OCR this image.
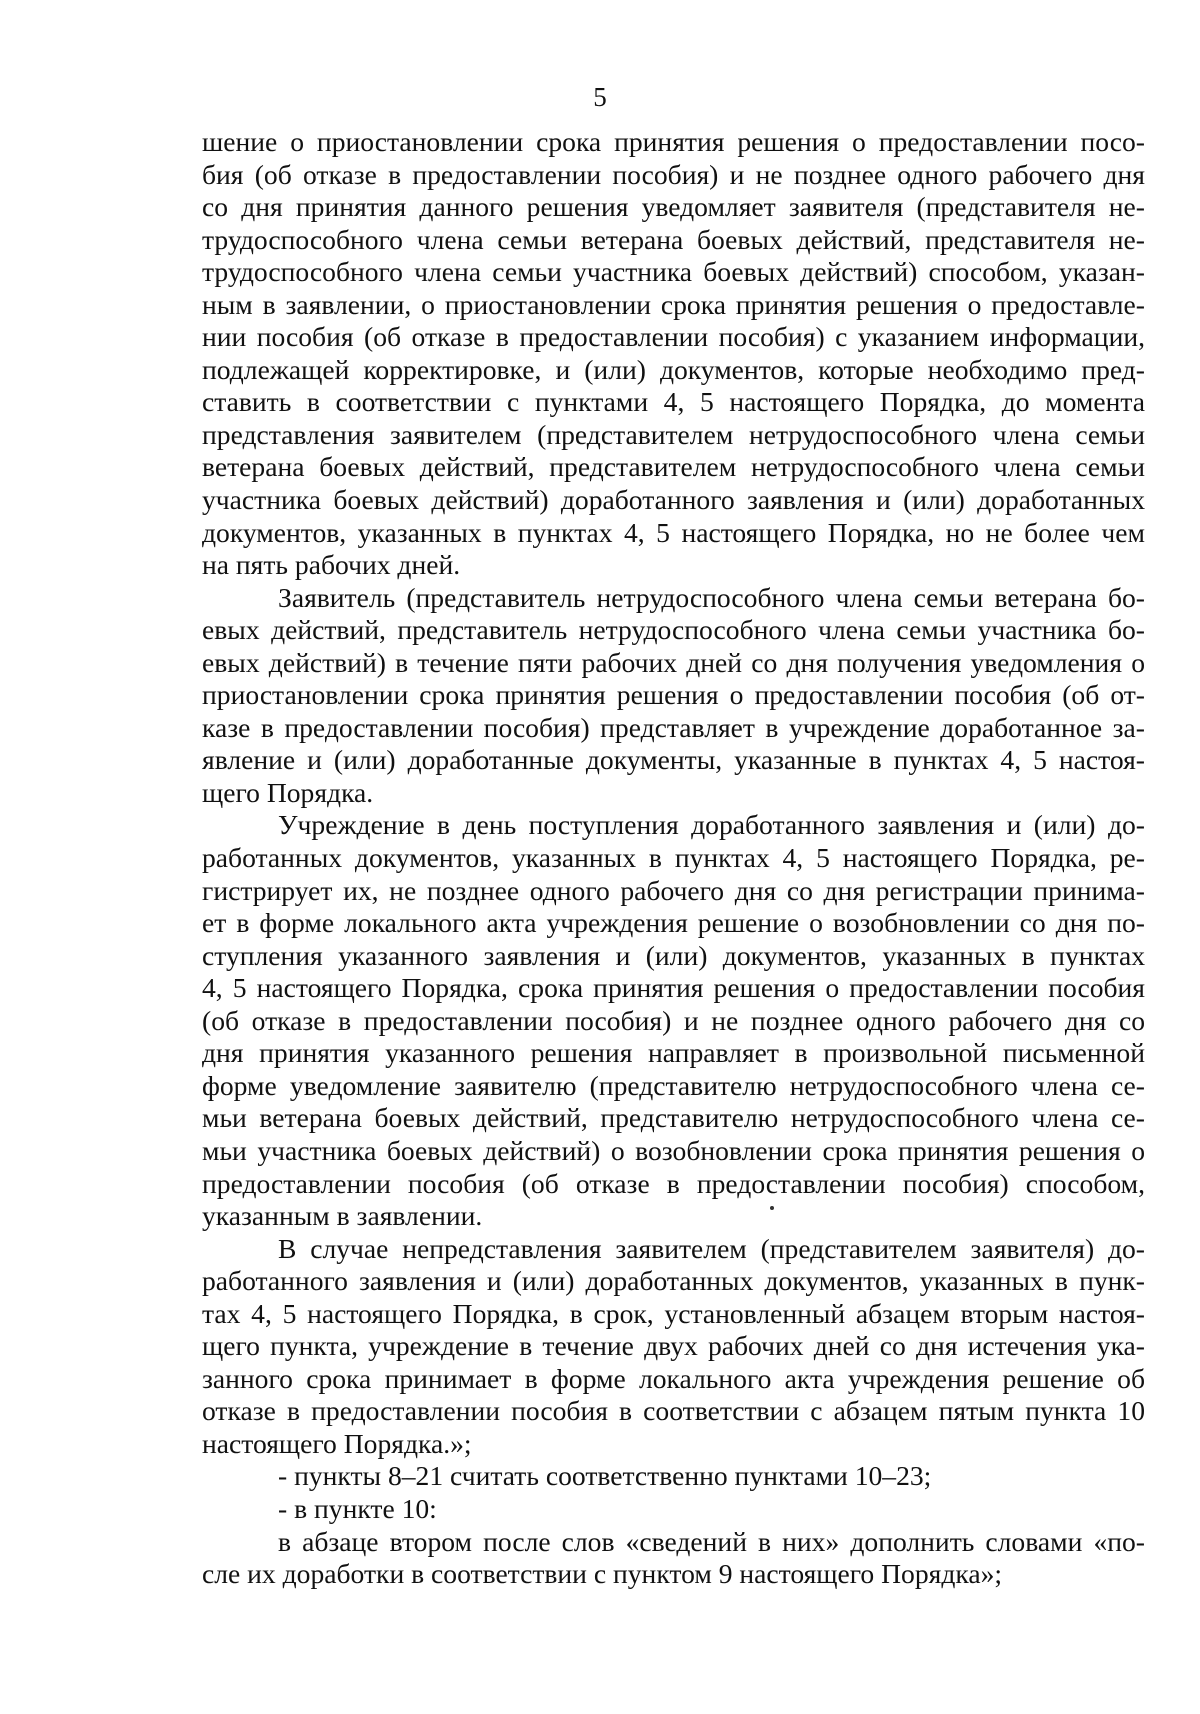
5
шение о приостановлении срока принятия решения о предоставлении посо-
бия (об отказе в предоставлении пособия) и не позднее одного рабочего дня
со дня принятия данного решения уведомляет заявителя (представителя не-
трудоспособного члена семьи ветерана боевых действий, представителя не-
трудоспособного члена семьи участника боевых действий) способом, указан-
ным в заявлении, о приостановлении срока принятия решения о предоставле-
нии пособия (об отказе в предоставлении пособия) с указанием информации,
подлежащей корректировке, и (или) документов, которые необходимо пред-
ставить в соответствии с пунктами 4, 5 настоящего Порядка, до момента
представления заявителем (представителем нетрудоспособного члена семьи
ветерана боевых действий, представителем нетрудоспособного члена семьи
участника боевых действий) доработанного заявления и (или) доработанных
документов, указанных в пунктах 4, 5 настоящего Порядка, но не более чем
на пять рабочих дней.
Заявитель (представитель нетрудоспособного члена семьи ветерана бо-
евых действий, представитель нетрудоспособного члена семьи участника бо-
евых действий) в течение пяти рабочих дней со дня получения уведомления о
приостановлении срока принятия решения о предоставлении пособия (об от-
казе в предоставлении пособия) представляет в учреждение доработанное за-
явление и (или) доработанные документы, указанные в пунктах 4, 5 настоя-
щего Порядка.
Учреждение в день поступления доработанного заявления и (или) до-
работанных документов, указанных в пунктах 4, 5 настоящего Порядка, ре-
гистрирует их, не позднее одного рабочего дня со дня регистрации принима-
ет в форме локального акта учреждения решение о возобновлении со дня по-
ступления указанного заявления и (или) документов, указанных в пунктах
4, 5 настоящего Порядка, срока принятия решения о предоставлении пособия
(об отказе в предоставлении пособия) и не позднее одного рабочего дня со
дня принятия указанного решения направляет в произвольной письменной
форме уведомление заявителю (представителю нетрудоспособного члена се-
мьи ветерана боевых действий, представителю нетрудоспособного члена се-
мьи участника боевых действий) о возобновлении срока принятия решения о
предоставлении пособия (об отказе в предоставлении пособия) способом,
указанным в заявлении.
В случае непредставления заявителем (представителем заявителя) до-
работанного заявления и (или) доработанных документов, указанных в пунк-
тах 4, 5 настоящего Порядка, в срок, установленный абзацем вторым настоя-
щего пункта, учреждение в течение двух рабочих дней со дня истечения ука-
занного срока принимает в форме локального акта учреждения решение об
отказе в предоставлении пособия в соответствии с абзацем пятым пункта 10
настоящего Порядка.»;
- пункты 8–21 считать соответственно пунктами 10–23;
- в пункте 10:
в абзаце втором после слов «сведений в них» дополнить словами «по-
сле их доработки в соответствии с пунктом 9 настоящего Порядка»;
